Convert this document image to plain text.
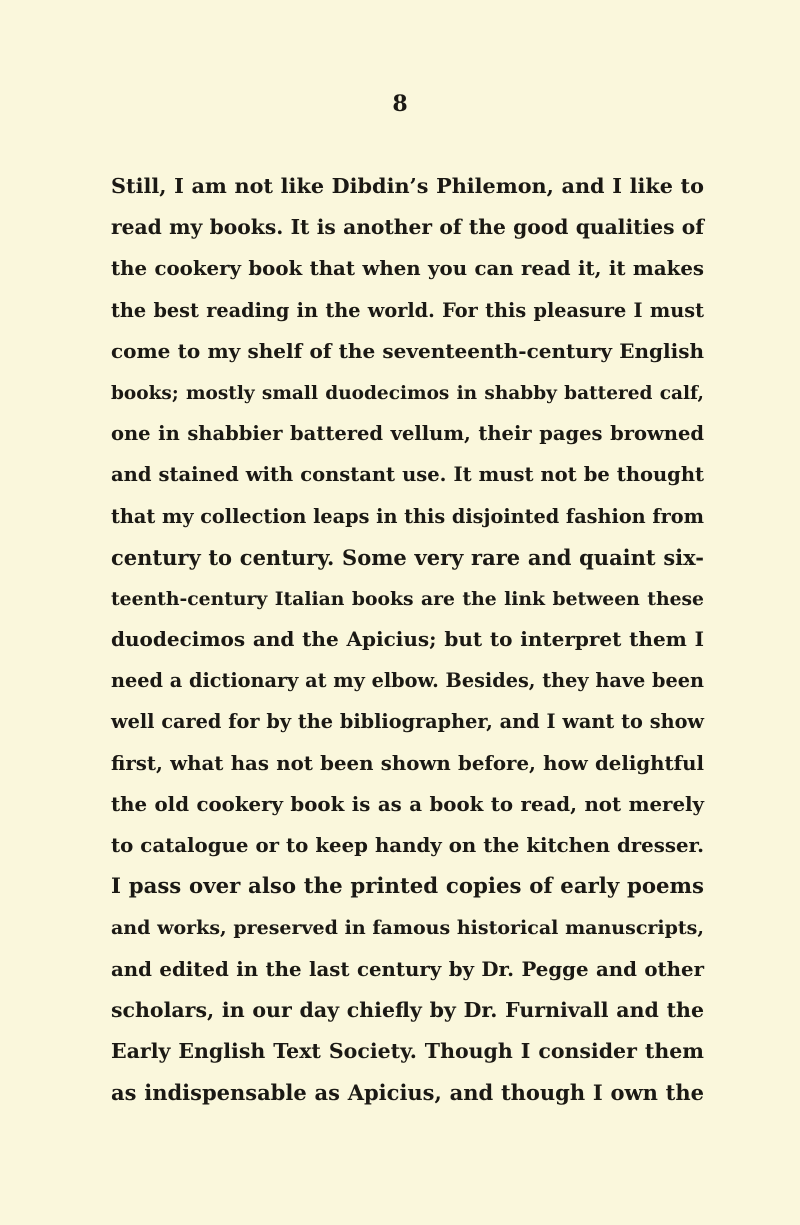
8
Still, I am not like Dibdin’s Philemon, and I like to
read my books. It is another of the good qualities of
the cookery book that when you can read it, it makes
the best reading in the world. For this pleasure I must
come to my shelf of the seventeenth-century English
books; mostly small duodecimos in shabby battered calf,
one in shabbier battered vellum, their pages browned
and stained with constant use. It must not be thought
that my collection leaps in this disjointed fashion from
century to century. Some very rare and quaint six-
teenth-century Italian books are the link between these
duodecimos and the Apicius; but to interpret them I
need a dictionary at my elbow. Besides, they have been
well cared for by the bibliographer, and I want to show
first, what has not been shown before, how delightful
the old cookery book is as a book to read, not merely
to catalogue or to keep handy on the kitchen dresser.
I pass over also the printed copies of early poems
and works, preserved in famous historical manuscripts,
and edited in the last century by Dr. Pegge and other
scholars, in our day chiefly by Dr. Furnivall and the
Early English Text Society. Though I consider them
as indispensable as Apicius, and though I own the
